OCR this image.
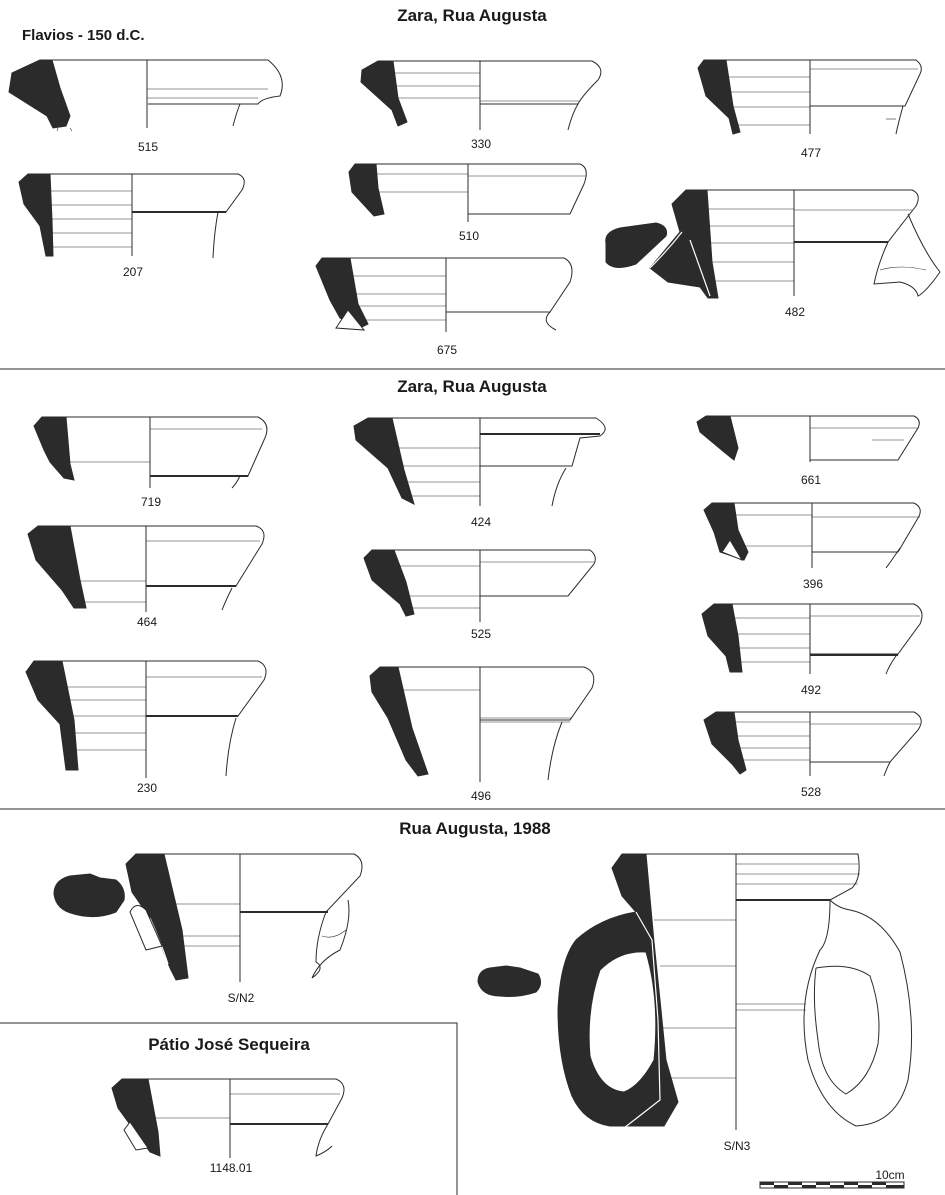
Zara, Rua Augusta
Flavios - 150 d.C.
Zara, Rua Augusta
Rua Augusta, 1988
Pátio José Sequeira
515	330
477
207
510
482
675
719
424
661
464
525
396
492
230
496	528
S/N2
S/N3
1148.01	10cm
